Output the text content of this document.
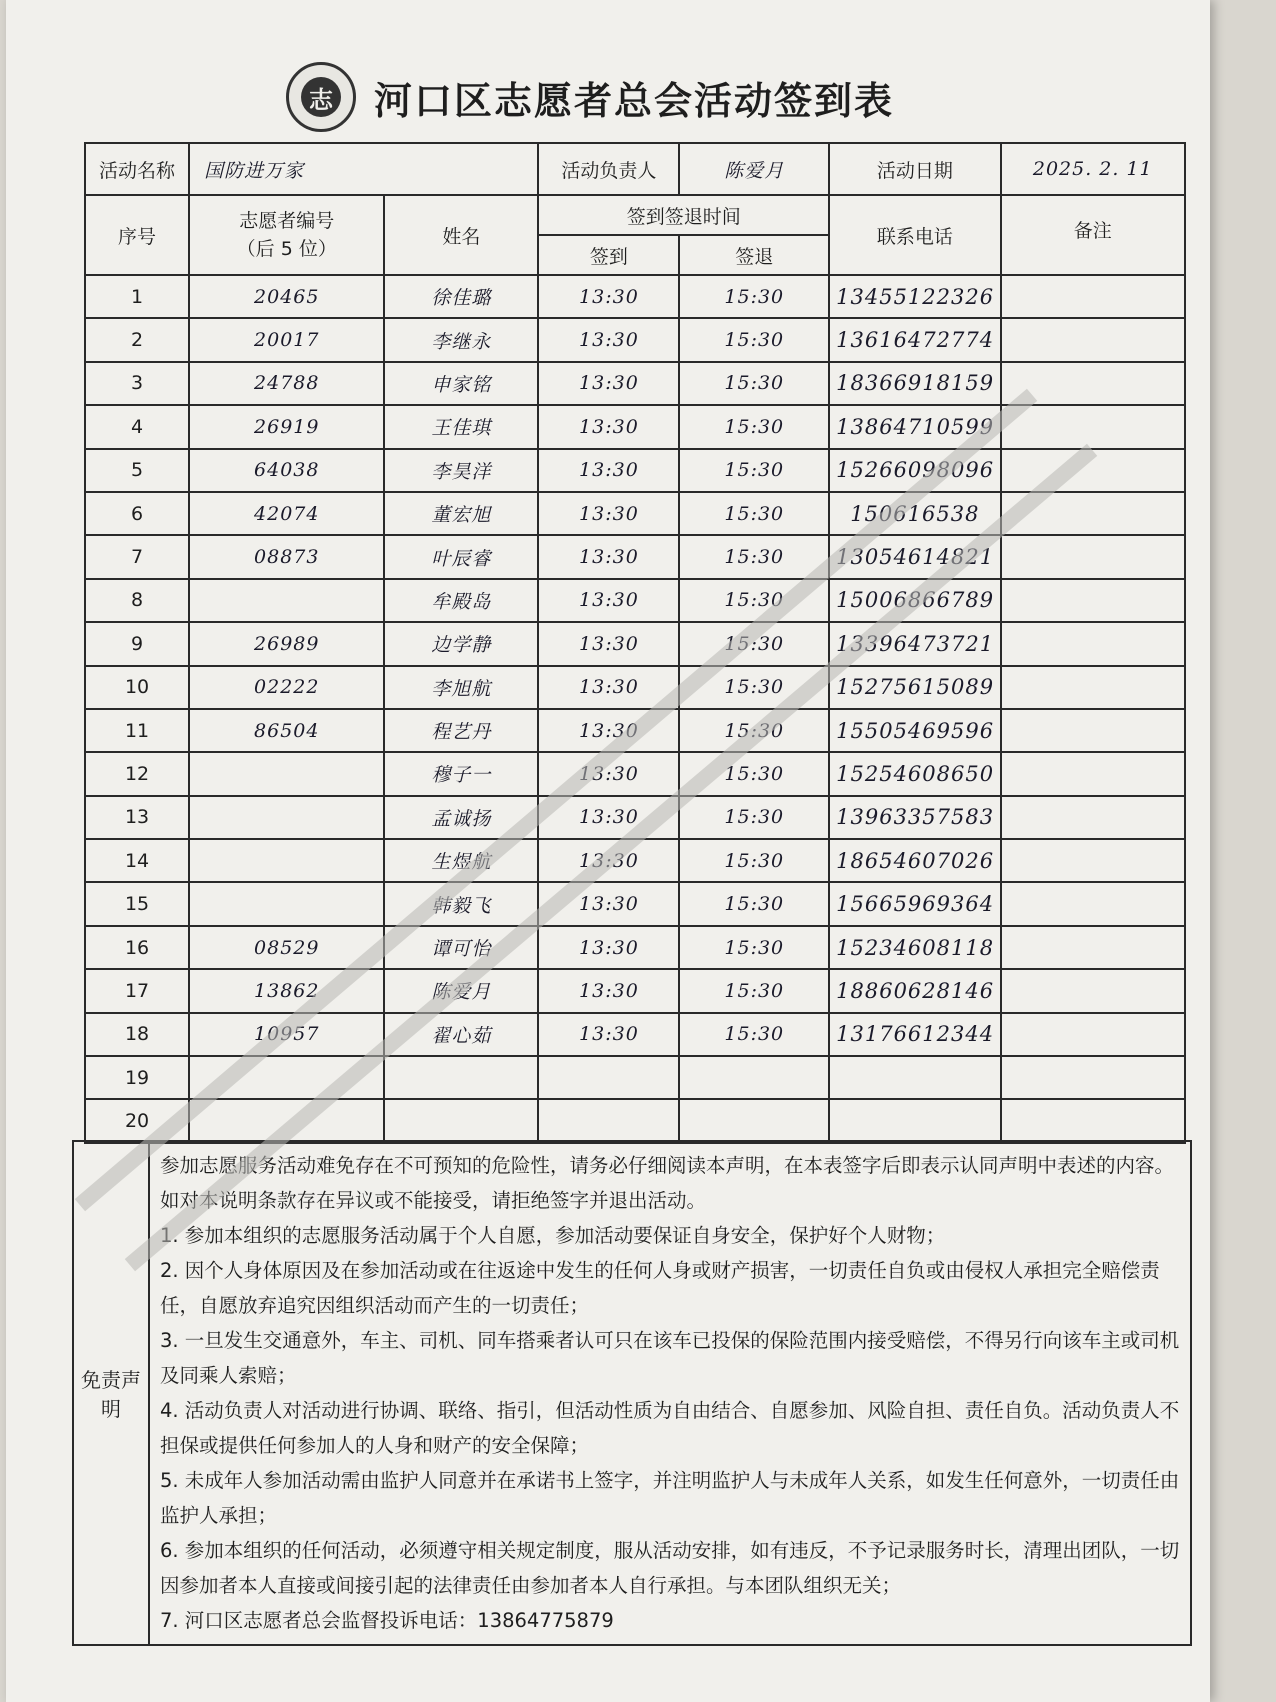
志 河口区志愿者总会活动签到表
活动名称	国防进万家		活动负责人	陈爱月	活动日期	2025. 2. 11
序号	志愿者编号
（后 5 位）	姓名	签到签退时间		联系电话	备注
			签到	签退		
1	20465	徐佳璐	13:30	15:30	13455122326	
2	20017	李继永	13:30	15:30	13616472774	
3	24788	申家铭	13:30	15:30	18366918159	
4	26919	王佳琪	13:30	15:30	13864710599	
5	64038	李昊洋	13:30	15:30	15266098096	
6	42074	董宏旭	13:30	15:30	150616538	
7	08873	叶辰睿	13:30	15:30	13054614821	
8		牟殿岛	13:30	15:30	15006866789	
9	26989	边学静	13:30	15:30	13396473721	
10	02222	李旭航	13:30	15:30	15275615089	
11	86504	程艺丹	13:30	15:30	15505469596	
12		穆子一	13:30	15:30	15254608650	
13		孟诚扬	13:30	15:30	13963357583	
14		生煜航	13:30	15:30	18654607026	
15		韩毅飞	13:30	15:30	15665969364	
16	08529	谭可怡	13:30	15:30	15234608118	
17	13862	陈爱月	13:30	15:30	18860628146	
18	10957	翟心茹	13:30	15:30	13176612344	
19						
20						
免责声明	

参加志愿服务活动难免存在不可预知的危险性，请务必仔细阅读本声明，在本表签字后即表示认同声明中表述的内容。如对本说明条款存在异议或不能接受，请拒绝签字并退出活动。

1. 参加本组织的志愿服务活动属于个人自愿，参加活动要保证自身安全，保护好个人财物；

2. 因个人身体原因及在参加活动或在往返途中发生的任何人身或财产损害，一切责任自负或由侵权人承担完全赔偿责任，自愿放弃追究因组织活动而产生的一切责任；

3. 一旦发生交通意外，车主、司机、同车搭乘者认可只在该车已投保的保险范围内接受赔偿，不得另行向该车主或司机及同乘人索赔；

4. 活动负责人对活动进行协调、联络、指引，但活动性质为自由结合、自愿参加、风险自担、责任自负。活动负责人不担保或提供任何参加人的人身和财产的安全保障；

5. 未成年人参加活动需由监护人同意并在承诺书上签字，并注明监护人与未成年人关系，如发生任何意外，一切责任由监护人承担；

6. 参加本组织的任何活动，必须遵守相关规定制度，服从活动安排，如有违反，不予记录服务时长，清理出团队，一切因参加者本人直接或间接引起的法律责任由参加者本人自行承担。与本团队组织无关；

7. 河口区志愿者总会监督投诉电话：13864775879
